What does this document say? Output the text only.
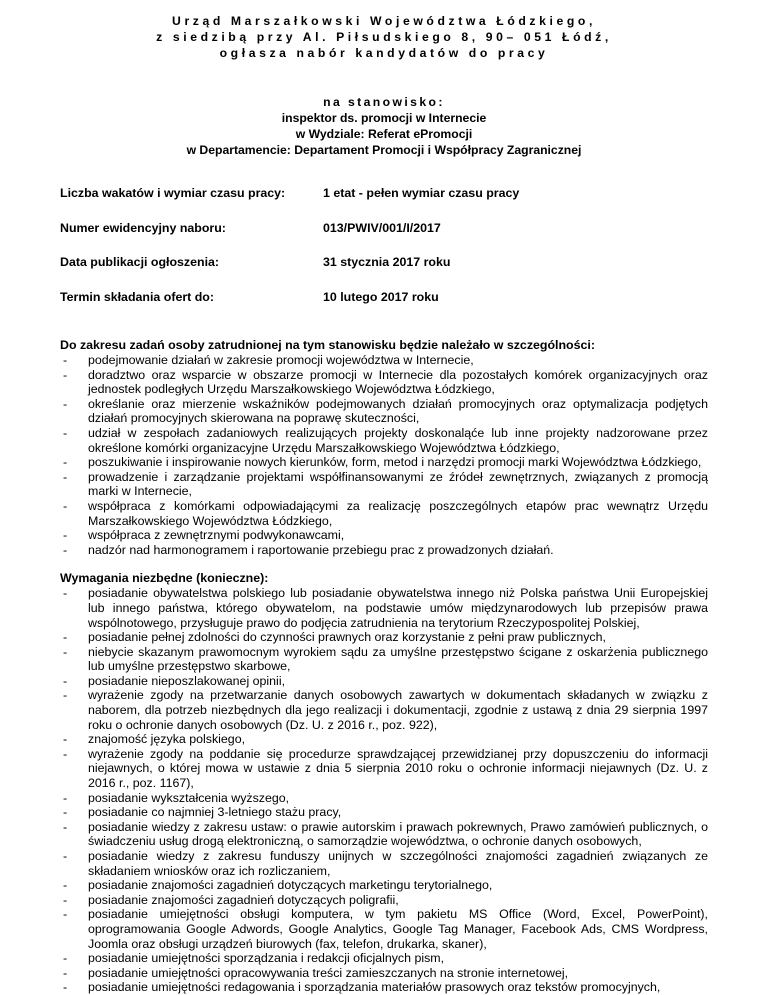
Urząd Marszałkowski Województwa Łódzkiego,
z siedzibą przy Al. Piłsudskiego 8, 90– 051 Łódź,
ogłasza nabór kandydatów do pracy
na stanowisko:
inspektor ds. promocji w Internecie
w Wydziale: Referat ePromocji
w Departamencie: Departament Promocji i Współpracy Zagranicznej
Liczba wakatów i wymiar czasu pracy:	1 etat - pełen wymiar czasu pracy
Numer ewidencyjny naboru:	013/PWIV/001/I/2017
Data publikacji ogłoszenia:	31 stycznia 2017 roku
Termin składania ofert do:	10 lutego 2017 roku
Do zakresu zadań osoby zatrudnionej na tym stanowisku będzie należało w szczególności:
- podejmowanie działań w zakresie promocji województwa w Internecie,
- doradztwo oraz wsparcie w obszarze promocji w Internecie dla pozostałych komórek organizacyjnych oraz jednostek podległych Urzędu Marszałkowskiego Województwa Łódzkiego,
- określanie oraz mierzenie wskaźników podejmowanych działań promocyjnych oraz optymalizacja podjętych działań promocyjnych skierowana na poprawę skuteczności,
- udział w zespołach zadaniowych realizujących projekty doskonaląće lub inne projekty nadzorowane przez określone komórki organizacyjne Urzędu Marszałkowskiego Województwa Łódzkiego,
- poszukiwanie i inspirowanie nowych kierunków, form, metod i narzędzi promocji marki Województwa Łódzkiego,
- prowadzenie i zarządzanie projektami współfinansowanymi ze źródeł zewnętrznych, związanych z promocją marki w Internecie,
- współpraca z komórkami odpowiadającymi za realizację poszczególnych etapów prac wewnątrz Urzędu Marszałkowskiego Województwa Łódzkiego,
- współpraca z zewnętrznymi podwykonawcami,
- nadzór nad harmonogramem i raportowanie przebiegu prac z prowadzonych działań.
Wymagania niezbędne (konieczne):
- posiadanie obywatelstwa polskiego lub posiadanie obywatelstwa innego niż Polska państwa Unii Europejskiej lub innego państwa, którego obywatelom, na podstawie umów międzynarodowych lub przepisów prawa wspólnotowego, przysługuje prawo do podjęcia zatrudnienia na terytorium Rzeczypospolitej Polskiej,
- posiadanie pełnej zdolności do czynności prawnych oraz korzystanie z pełni praw publicznych,
- niebycie skazanym prawomocnym wyrokiem sądu za umyślne przestępstwo ścigane z oskarżenia publicznego lub umyślne przestępstwo skarbowe,
- posiadanie nieposzlakowanej opinii,
- wyrażenie zgody na przetwarzanie danych osobowych zawartych w dokumentach składanych w związku z naborem, dla potrzeb niezbędnych dla jego realizacji i dokumentacji, zgodnie z ustawą z dnia 29 sierpnia 1997 roku o ochronie danych osobowych (Dz. U. z 2016 r., poz. 922),
- znajomość języka polskiego,
- wyrażenie zgody na poddanie się procedurze sprawdzającej przewidzianej przy dopuszczeniu do informacji niejawnych, o której mowa w ustawie z dnia 5 sierpnia 2010 roku o ochronie informacji niejawnych (Dz. U. z 2016 r., poz. 1167),
- posiadanie wykształcenia wyższego,
- posiadanie co najmniej 3-letniego stażu pracy,
- posiadanie wiedzy z zakresu ustaw: o prawie autorskim i prawach pokrewnych, Prawo zamówień publicznych, o świadczeniu usług drogą elektroniczną, o samorządzie województwa, o ochronie danych osobowych,
- posiadanie wiedzy z zakresu funduszy unijnych w szczególności znajomości zagadnień związanych ze składaniem wniosków oraz ich rozliczaniem,
- posiadanie znajomości zagadnień dotyczących marketingu terytorialnego,
- posiadanie znajomości zagadnień dotyczących poligrafii,
- posiadanie umiejętności obsługi komputera, w tym pakietu MS Office (Word, Excel, PowerPoint), oprogramowania Google Adwords, Google Analytics, Google Tag Manager, Facebook Ads, CMS Wordpress, Joomla oraz obsługi urządzeń biurowych (fax, telefon, drukarka, skaner),
- posiadanie umiejętności sporządzania i redakcji oficjalnych pism,
- posiadanie umiejętności opracowywania treści zamieszczanych na stronie internetowej,
- posiadanie umiejętności redagowania i sporządzania materiałów prasowych oraz tekstów promocyjnych,
